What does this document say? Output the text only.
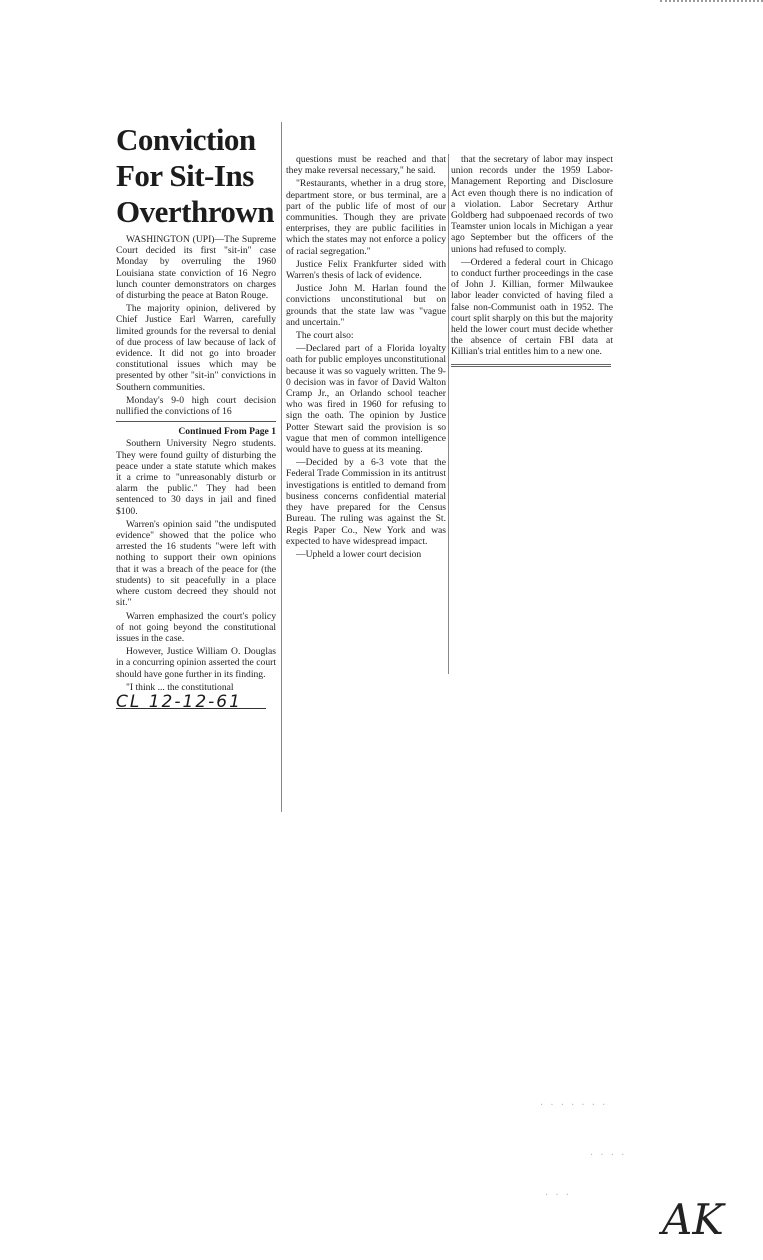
Conviction
For Sit-Ins
Overthrown

WASHINGTON (UPI)—The Supreme Court decided its first "sit-in" case Monday by overruling the 1960 Louisiana state conviction of 16 Negro lunch counter demonstrators on charges of disturbing the peace at Baton Rouge.

The majority opinion, delivered by Chief Justice Earl Warren, carefully limited grounds for the reversal to denial of due process of law because of lack of evidence. It did not go into broader constitutional issues which may be presented by other "sit-in" convictions in Southern communities.

Monday's 9-0 high court decision nullified the convictions of 16

Continued From Page 1

Southern University Negro students. They were found guilty of disturbing the peace under a state statute which makes it a crime to "unreasonably disturb or alarm the public." They had been sentenced to 30 days in jail and fined $100.

Warren's opinion said "the undisputed evidence" showed that the police who arrested the 16 students "were left with nothing to support their own opinions that it was a breach of the peace for (the students) to sit peacefully in a place where custom decreed they should not sit."

Warren emphasized the court's policy of not going beyond the constitutional issues in the case.

However, Justice William O. Douglas in a concurring opinion asserted the court should have gone further in its finding.

"I think ... the constitutional

CL 12-12-61

questions must be reached and that they make reversal necessary," he said.

"Restaurants, whether in a drug store, department store, or bus terminal, are a part of the public life of most of our communities. Though they are private enterprises, they are public facilities in which the states may not enforce a policy of racial segregation."

Justice Felix Frankfurter sided with Warren's thesis of lack of evidence.

Justice John M. Harlan found the convictions unconstitutional but on grounds that the state law was "vague and uncertain."

The court also:

—Declared part of a Florida loyalty oath for public employes unconstitutional because it was so vaguely written. The 9-0 decision was in favor of David Walton Cramp Jr., an Orlando school teacher who was fired in 1960 for refusing to sign the oath. The opinion by Justice Potter Stewart said the provision is so vague that men of common intelligence would have to guess at its meaning.

—Decided by a 6-3 vote that the Federal Trade Commission in its antitrust investigations is entitled to demand from business concerns confidential material they have prepared for the Census Bureau. The ruling was against the St. Regis Paper Co., New York and was expected to have widespread impact.

—Upheld a lower court decision

that the secretary of labor may inspect union records under the 1959 Labor-Management Reporting and Disclosure Act even though there is no indication of a violation. Labor Secretary Arthur Goldberg had subpoenaed records of two Teamster union locals in Michigan a year ago September but the officers of the unions had refused to comply.

—Ordered a federal court in Chicago to conduct further proceedings in the case of John J. Killian, former Milwaukee labor leader convicted of having filed a false non-Communist oath in 1952. The court split sharply on this but the majority held the lower court must decide whether the absence of certain FBI data at Killian's trial entitles him to a new one.

· · · · · · ·
· · · ·
· · · AK
